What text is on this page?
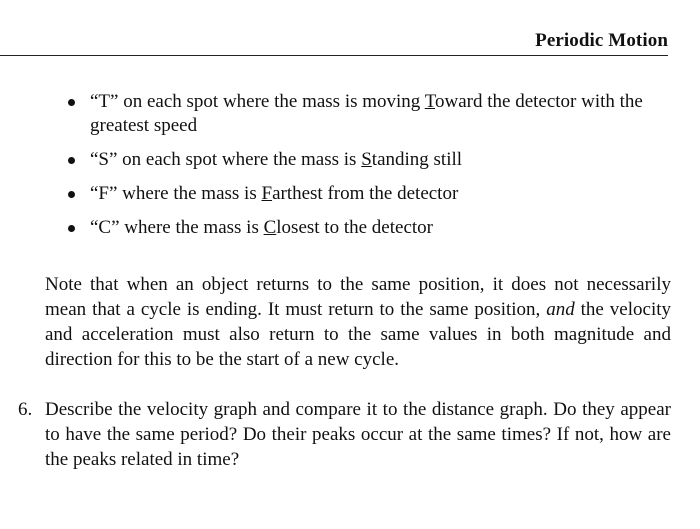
Periodic Motion
“T” on each spot where the mass is moving Toward the detector with the greatest speed
“S” on each spot where the mass is Standing still
“F” where the mass is Farthest from the detector
“C” where the mass is Closest to the detector

Note that when an object returns to the same position, it does not necessarily mean that a cycle is ending. It must return to the same position, and the velocity and acceleration must also return to the same values in both magnitude and direction for this to be the start of a new cycle.

6. Describe the velocity graph and compare it to the distance graph. Do they appear to have the same period? Do their peaks occur at the same times? If not, how are the peaks related in time?
